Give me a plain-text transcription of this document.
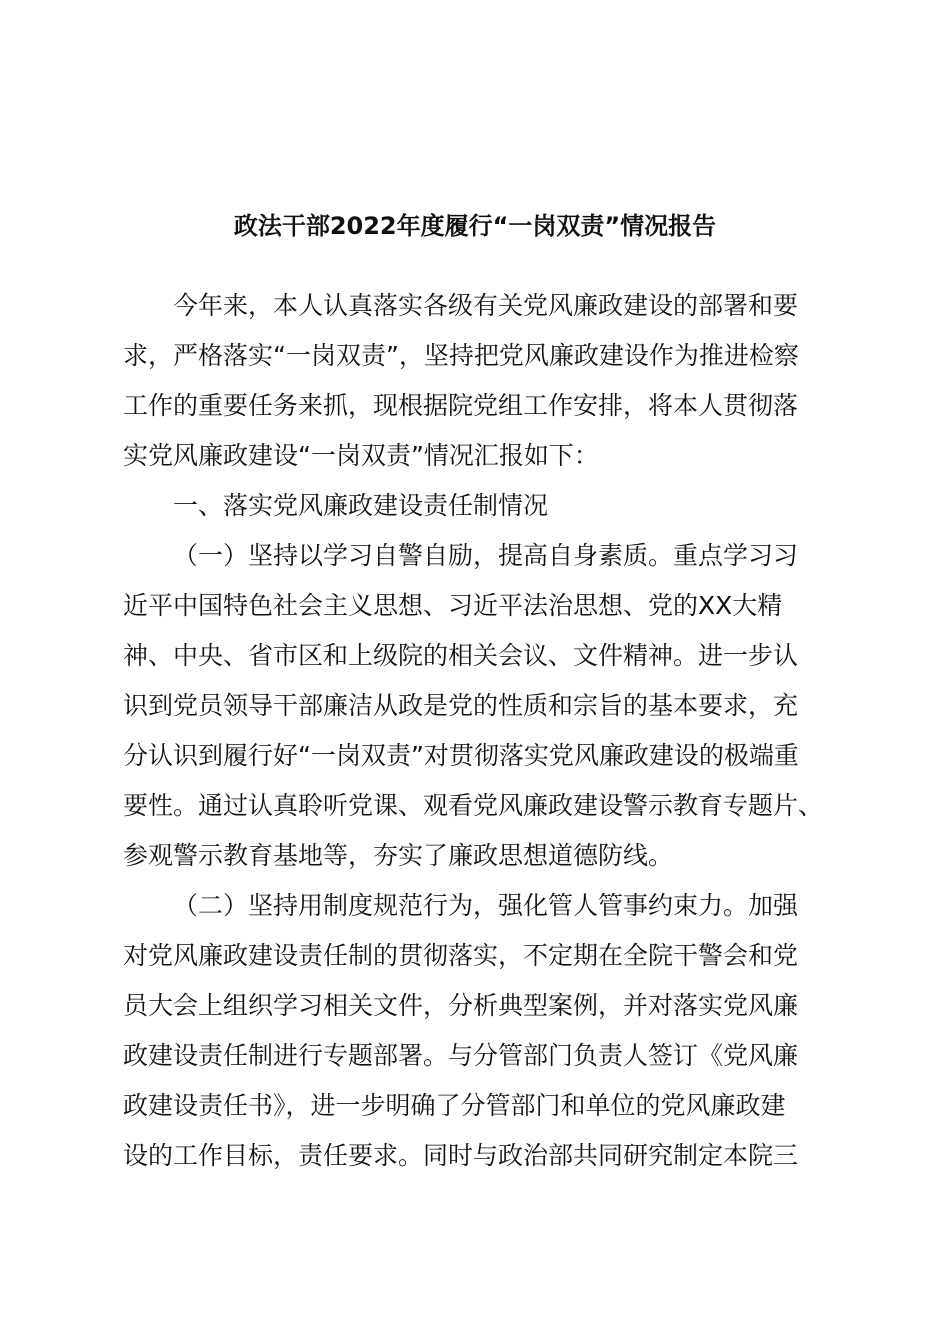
政法干部2022年度履行“一岗双责”情况报告
今年来，本人认真落实各级有关党风廉政建设的部署和要
求，严格落实“一岗双责”，坚持把党风廉政建设作为推进检察
工作的重要任务来抓，现根据院党组工作安排，将本人贯彻落
实党风廉政建设“一岗双责”情况汇报如下：
一、落实党风廉政建设责任制情况
（一）坚持以学习自警自励，提高自身素质。重点学习习
近平中国特色社会主义思想、习近平法治思想、党的XX大精
神、中央、省市区和上级院的相关会议、文件精神。进一步认
识到党员领导干部廉洁从政是党的性质和宗旨的基本要求，充
分认识到履行好“一岗双责”对贯彻落实党风廉政建设的极端重
要性。通过认真聆听党课、观看党风廉政建设警示教育专题片、
参观警示教育基地等，夯实了廉政思想道德防线。
（二）坚持用制度规范行为，强化管人管事约束力。加强
对党风廉政建设责任制的贯彻落实，不定期在全院干警会和党
员大会上组织学习相关文件，分析典型案例，并对落实党风廉
政建设责任制进行专题部署。与分管部门负责人签订《党风廉
政建设责任书》，进一步明确了分管部门和单位的党风廉政建
设的工作目标，责任要求。同时与政治部共同研究制定本院三
